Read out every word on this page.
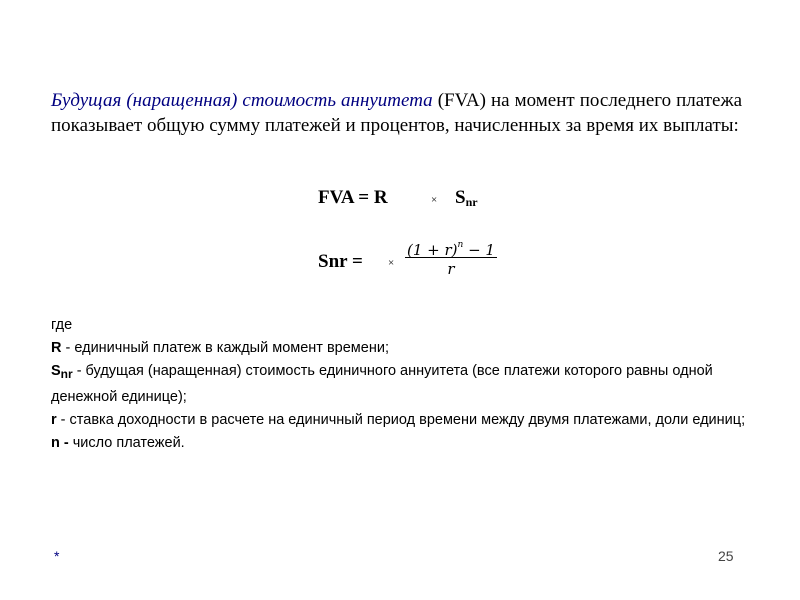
Будущая (наращенная) стоимость аннуитета (FVA) на момент последнего платежа показывает общую сумму платежей и процентов, начисленных за время их выплаты:

FVA = R	× $S_{nr}$
Snr = ×
$(1 + r)^n - 1$
r

где

R - единичный платеж в каждый момент времени;

$S_{nr}$ - будущая (наращенная) стоимость единичного аннуитета (все платежи которого равны одной денежной единице);

r - ставка доходности в расчете на единичный период времени между двумя платежами, доли единиц;

n - число платежей.

*	25
